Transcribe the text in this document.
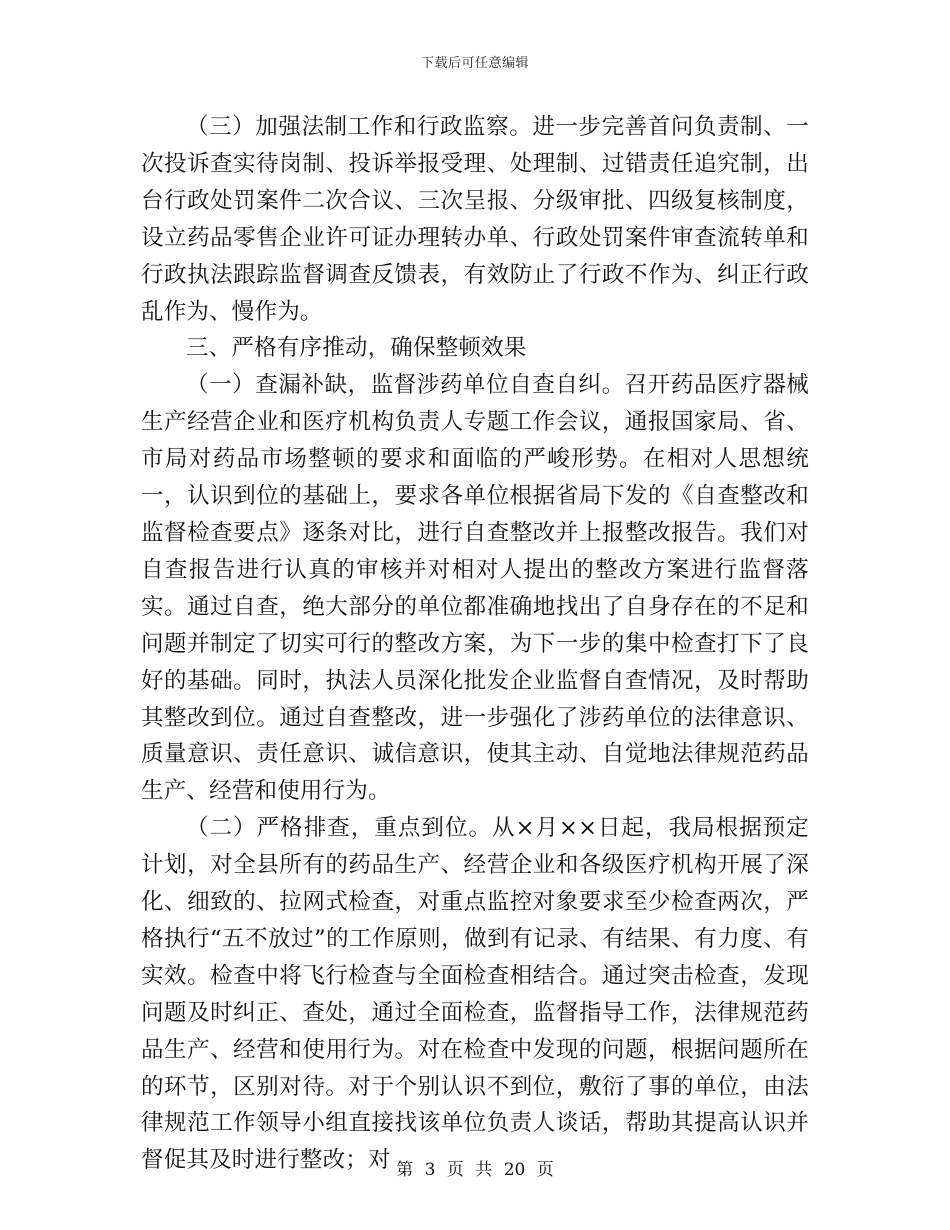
下载后可任意编辑

（三）加强法制工作和行政监察。进一步完善首问负责制、一次投诉查实待岗制、投诉举报受理、处理制、过错责任追究制，出台行政处罚案件二次合议、三次呈报、分级审批、四级复核制度，设立药品零售企业许可证办理转办单、行政处罚案件审查流转单和行政执法跟踪监督调查反馈表，有效防止了行政不作为、纠正行政乱作为、慢作为。

三、严格有序推动，确保整顿效果

（一）查漏补缺，监督涉药单位自查自纠。召开药品医疗器械生产经营企业和医疗机构负责人专题工作会议，通报国家局、省、市局对药品市场整顿的要求和面临的严峻形势。在相对人思想统一，认识到位的基础上，要求各单位根据省局下发的《自查整改和监督检查要点》逐条对比，进行自查整改并上报整改报告。我们对自查报告进行认真的审核并对相对人提出的整改方案进行监督落实。通过自查，绝大部分的单位都准确地找出了自身存在的不足和问题并制定了切实可行的整改方案，为下一步的集中检查打下了良好的基础。同时，执法人员深化批发企业监督自查情况，及时帮助其整改到位。通过自查整改，进一步强化了涉药单位的法律意识、质量意识、责任意识、诚信意识，使其主动、自觉地法律规范药品生产、经营和使用行为。

（二）严格排查，重点到位。从×月××日起，我局根据预定计划，对全县所有的药品生产、经营企业和各级医疗机构开展了深化、细致的、拉网式检查，对重点监控对象要求至少检查两次，严格执行“五不放过”的工作原则，做到有记录、有结果、有力度、有实效。检查中将飞行检查与全面检查相结合。通过突击检查，发现问题及时纠正、查处，通过全面检查，监督指导工作，法律规范药品生产、经营和使用行为。对在检查中发现的问题，根据问题所在的环节，区别对待。对于个别认识不到位，敷衍了事的单位，由法律规范工作领导小组直接找该单位负责人谈话，帮助其提高认识并督促其及时进行整改；对 第 3 页 共 20 页
